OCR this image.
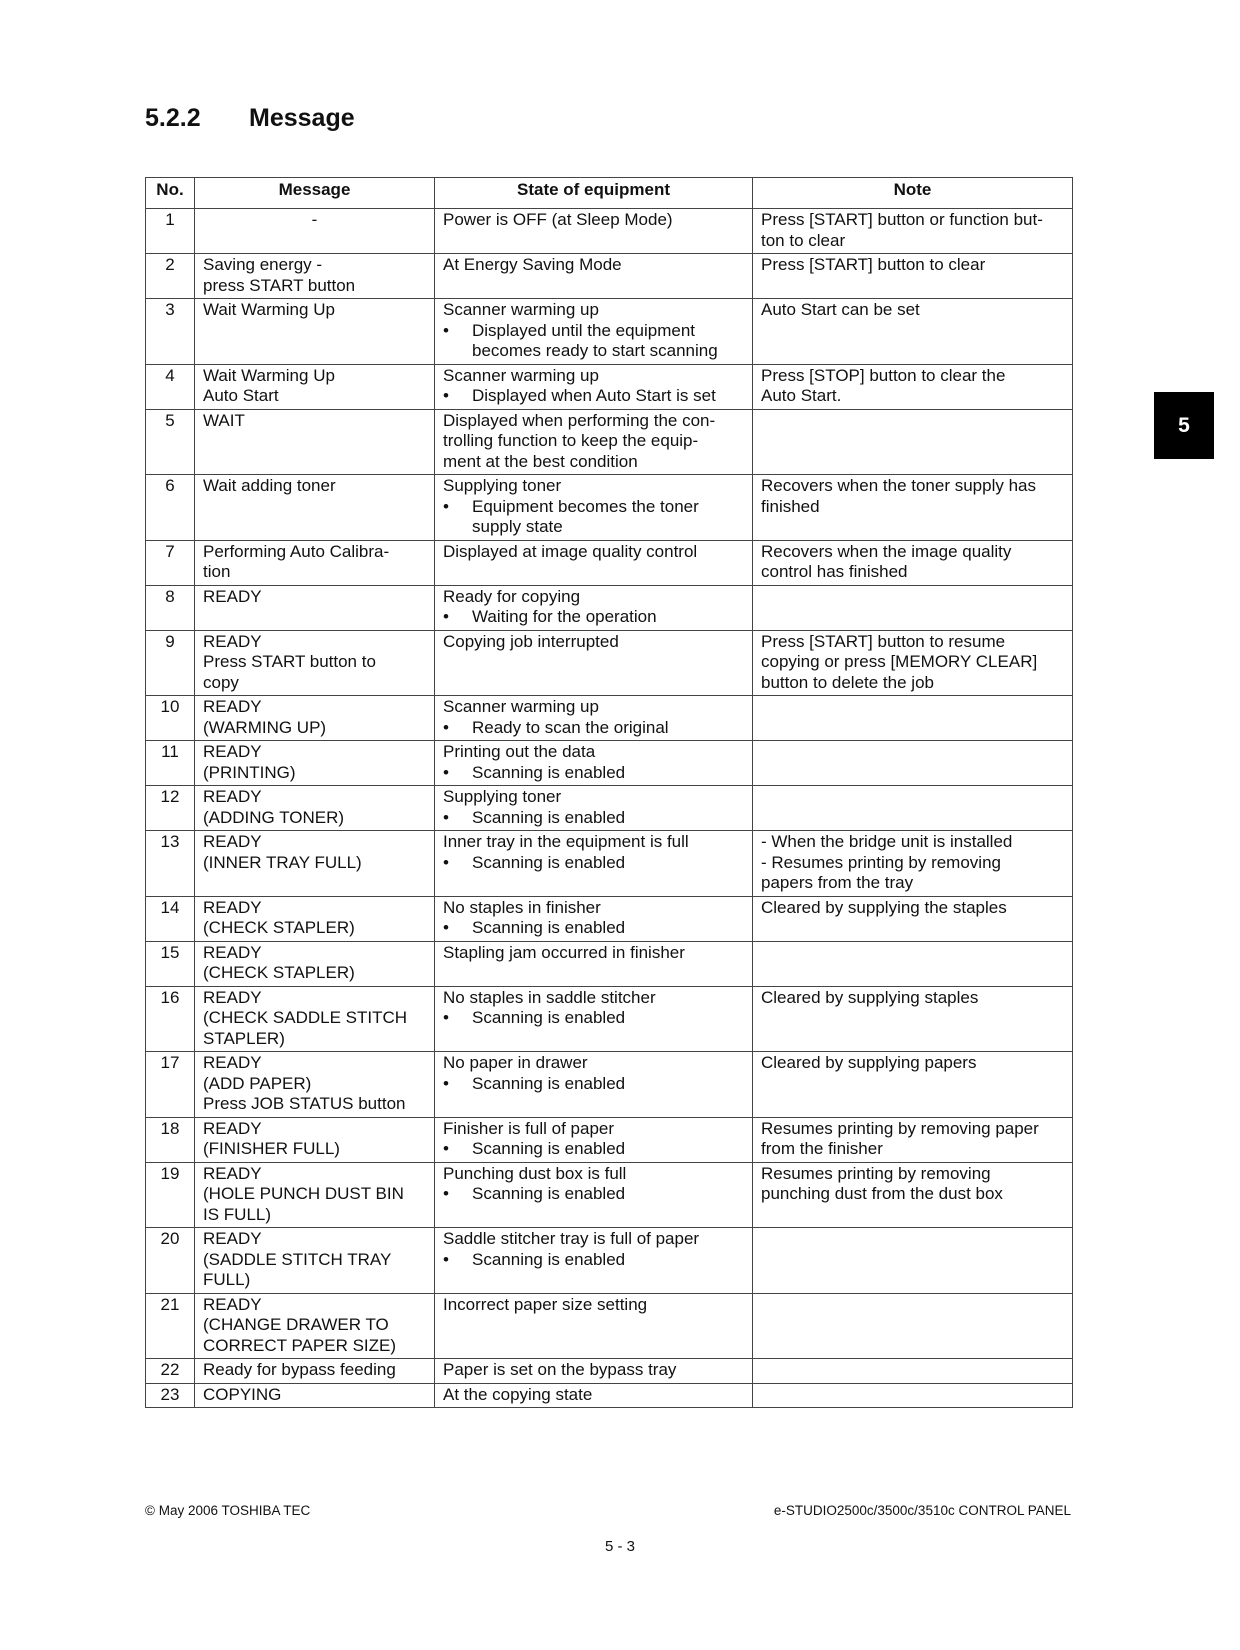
5.2.2 Message
5
No.	Message	State of equipment	Note
1	-	Power is OFF (at Sleep Mode)	Press [START] button or function but-
ton to clear

2	Saving energy -
press START button	At Energy Saving Mode	Press [START] button to clear

3	Wait Warming Up	Scanner warming up
• Displayed until the equipment
becomes ready to start scanning	Auto Start can be set

4	Wait Warming Up
Auto Start	Scanner warming up
• Displayed when Auto Start is set	Press [STOP] button to clear the
Auto Start.

5	WAIT	Displayed when performing the con-
trolling function to keep the equip-
ment at the best condition	

6	Wait adding toner	Supplying toner
• Equipment becomes the toner
supply state	Recovers when the toner supply has
finished

7	Performing Auto Calibra-
tion	Displayed at image quality control	Recovers when the image quality
control has finished

8	READY	Ready for copying
• Waiting for the operation

9	READY
Press START button to
copy	Copying job interrupted	Press [START] button to resume
copying or press [MEMORY CLEAR]
button to delete the job

10	READY
(WARMING UP)	Scanner warming up
• Ready to scan the original

11	READY
(PRINTING)	Printing out the data
• Scanning is enabled

12	READY
(ADDING TONER)	Supplying toner
• Scanning is enabled

13	READY
(INNER TRAY FULL)	Inner tray in the equipment is full
• Scanning is enabled	- When the bridge unit is installed
- Resumes printing by removing
papers from the tray

14	READY
(CHECK STAPLER)	No staples in finisher
• Scanning is enabled	Cleared by supplying the staples

15	READY
(CHECK STAPLER)	Stapling jam occurred in finisher	

16	READY
(CHECK SADDLE STITCH
STAPLER)	No staples in saddle stitcher
• Scanning is enabled	Cleared by supplying staples

17	READY
(ADD PAPER)
Press JOB STATUS button	No paper in drawer
• Scanning is enabled	Cleared by supplying papers

18	READY
(FINISHER FULL)	Finisher is full of paper
• Scanning is enabled	Resumes printing by removing paper
from the finisher

19	READY
(HOLE PUNCH DUST BIN
IS FULL)	Punching dust box is full
• Scanning is enabled	Resumes printing by removing
punching dust from the dust box

20	READY
(SADDLE STITCH TRAY
FULL)	Saddle stitcher tray is full of paper
• Scanning is enabled

21	READY
(CHANGE DRAWER TO
CORRECT PAPER SIZE)	Incorrect paper size setting	

22	Ready for bypass feeding	Paper is set on the bypass tray	

23	COPYING	At the copying state	

© May 2006 TOSHIBA TEC	e-STUDIO2500c/3500c/3510c CONTROL PANEL
5 - 3
